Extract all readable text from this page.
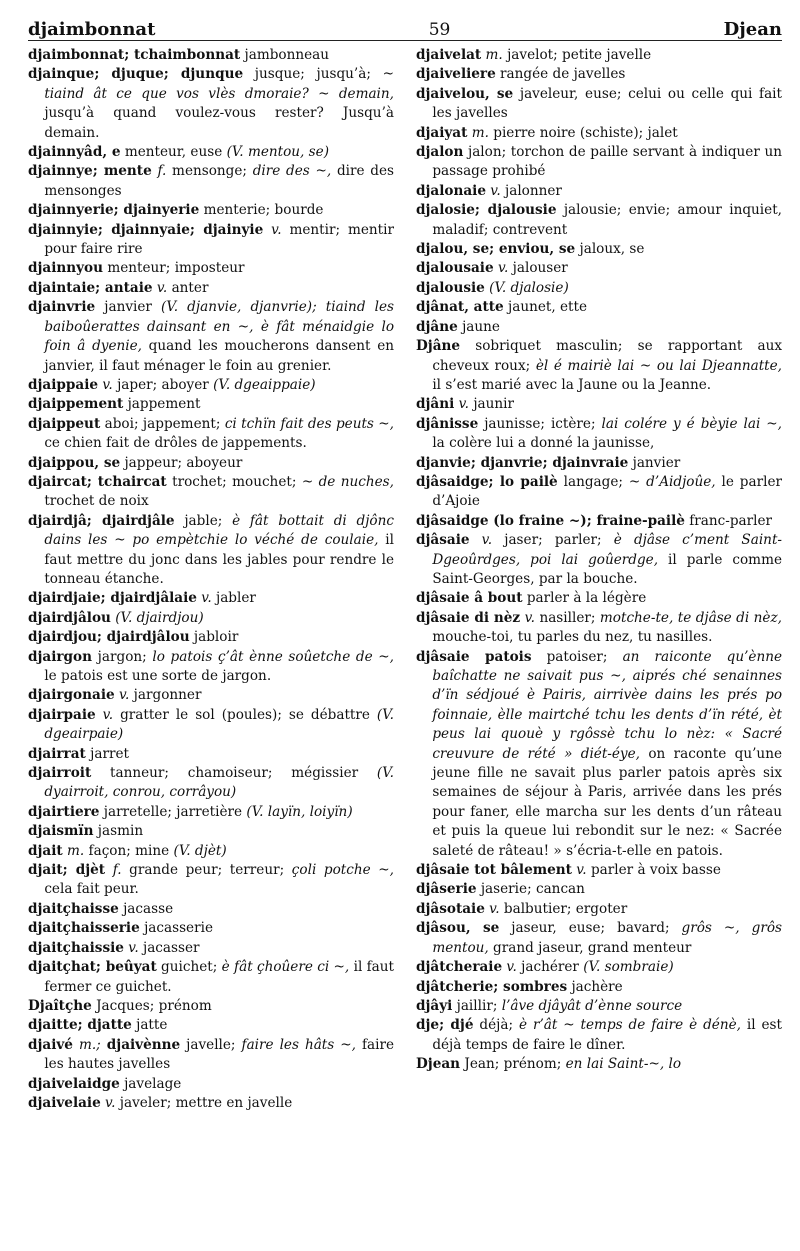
djaimbonnat	59	Djean

djaimbonnat; tchaimbonnat jambonneau

djainque; djuque; djunque jusque; jusqu’à; ~ tiaind ât ce que vos vlès dmoraie? ~ demain, jusqu’à quand voulez-vous rester? Jusqu’à demain.

djainnyâd, e menteur, euse (V. mentou, se)

djainnye; mente f. mensonge; dire des ~, dire des mensonges

djainnyerie; djainyerie menterie; bourde

djainnyie; djainnyaie; djainyie v. mentir; mentir pour faire rire

djainnyou menteur; imposteur

djaintaie; antaie v. anter

djainvrie janvier (V. djanvie, djanvrie); tiaind les baiboûerattes dainsant en ~, è fât ménaidgie lo foin â dyenie, quand les moucherons dansent en janvier, il faut ménager le foin au grenier.

djaippaie v. japer; aboyer (V. dgeaippaie)

djaippement jappement

djaippeut aboi; jappement; ci tchïn fait des peuts ~, ce chien fait de drôles de jappements.

djaippou, se jappeur; aboyeur

djaircat; tchaircat trochet; mouchet; ~ de nuches, trochet de noix

djairdjâ; djairdjâle jable; è fât bottait di djônc dains les ~ po empètchie lo véché de coulaie, il faut mettre du jonc dans les jables pour rendre le tonneau étanche.

djairdjaie; djairdjâlaie v. jabler

djairdjâlou (V. djairdjou)

djairdjou; djairdjâlou jabloir

djairgon jargon; lo patois ç’ât ènne soûetche de ~, le patois est une sorte de jargon.

djairgonaie v. jargonner

djairpaie v. gratter le sol (poules); se débattre (V. dgeairpaie)

djairrat jarret

djairroit tanneur; chamoiseur; mégissier (V. dyairroit, conrou, corrâyou)

djairtiere jarretelle; jarretière (V. layïn, loiyïn)

djaismïn jasmin

djait m. façon; mine (V. djèt)

djait; djèt f. grande peur; terreur; çoli potche ~, cela fait peur.

djaitçhaisse jacasse

djaitçhaisserie jacasserie

djaitçhaissie v. jacasser

djaitçhat; beûyat guichet; è fât çhoûere ci ~, il faut fermer ce guichet.

Djaîtçhe Jacques; prénom

djaitte; djatte jatte

djaivé m.; djaivènne javelle; faire les hâts ~, faire les hautes javelles

djaivelaidge javelage

djaivelaie v. javeler; mettre en javelle

djaivelat m. javelot; petite javelle

djaiveliere rangée de javelles

djaivelou, se javeleur, euse; celui ou celle qui fait les javelles

djaiyat m. pierre noire (schiste); jalet

djalon jalon; torchon de paille servant à indiquer un passage prohibé

djalonaie v. jalonner

djalosie; djalousie jalousie; envie; amour inquiet, maladif; contrevent

djalou, se; enviou, se jaloux, se

djalousaie v. jalouser

djalousie (V. djalosie)

djânat, atte jaunet, ette

djâne jaune

Djâne sobriquet masculin; se rapportant aux cheveux roux; èl é mairiè lai ~ ou lai Djeannatte, il s’est marié avec la Jaune ou la Jeanne.

djâni v. jaunir

djânisse jaunisse; ictère; lai colére y é bèyie lai ~, la colère lui a donné la jaunisse,

djanvie; djanvrie; djainvraie janvier

djâsaidge; lo pailè langage; ~ d’Aidjoûe, le parler d’Ajoie

djâsaidge (lo fraine ~); fraine-pailè franc-parler

djâsaie v. jaser; parler; è djâse c’ment Saint-Dgeoûrdges, poi lai goûerdge, il parle comme Saint-Georges, par la bouche.

djâsaie â bout parler à la légère

djâsaie di nèz v. nasiller; motche-te, te djâse di nèz, mouche-toi, tu parles du nez, tu nasilles.

djâsaie patois patoiser; an raiconte qu’ènne baîchatte ne saivait pus ~, aiprés ché senainnes d’ïn sédjoué è Pairis, airrivèe dains les prés po foinnaie, èlle mairtché tchu les dents d’ïn rété, èt peus lai quouè y rgôssè tchu lo nèz: « Sacré creuvure de rété » diét-éye, on raconte qu’une jeune fille ne savait plus parler patois après six semaines de séjour à Paris, arrivée dans les prés pour faner, elle marcha sur les dents d’un râteau et puis la queue lui rebondit sur le nez: « Sacrée saleté de râteau! » s’écria-t-elle en patois.

djâsaie tot bâlement v. parler à voix basse

djâserie jaserie; cancan

djâsotaie v. balbutier; ergoter

djâsou, se jaseur, euse; bavard; grôs ~, grôs mentou, grand jaseur, grand menteur

djâtcheraie v. jachérer (V. sombraie)

djâtcherie; sombres jachère

djâyi jaillir; l’âve djâyât d’ènne source

dje; djé déjà; è r’ât ~ temps de faire è dénè, il est déjà temps de faire le dîner.

Djean Jean; prénom; en lai Saint-~, lo
